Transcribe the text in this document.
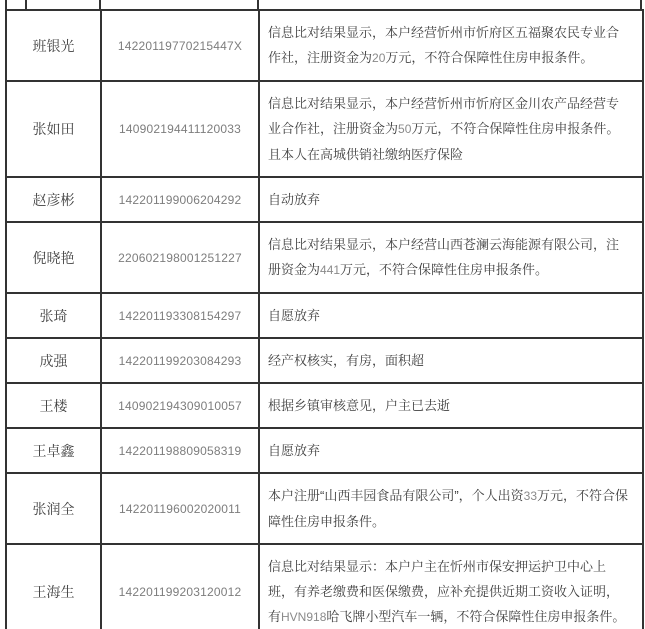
班银光	14220119770215447X	信息比对结果显示，本户经营忻州市忻府区五福聚农民专业合作社，注册资金为20万元，不符合保障性住房申报条件。
张如田	140902194411120033	信息比对结果显示，本户经营忻州市忻府区金川农产品经营专业合作社，注册资金为50万元，不符合保障性住房申报条件。且本人在高城供销社缴纳医疗保险
赵彦彬	142201199006204292	自动放弃
倪晓艳	220602198001251227	信息比对结果显示，本户经营山西苍澜云海能源有限公司，注册资金为441万元，不符合保障性住房申报条件。
张琦	142201193308154297	自愿放弃
成强	142201199203084293	经产权核实，有房，面积超
王楼	140902194309010057	根据乡镇审核意见，户主已去逝
王卓鑫	142201198809058319	自愿放弃
张润全	142201196002020011	本户注册“山西丰园食品有限公司”，个人出资33万元，不符合保障性住房申报条件。
王海生	142201199203120012	信息比对结果显示：本户户主在忻州市保安押运护卫中心上班，有养老缴费和医保缴费，应补充提供近期工资收入证明，有HVN918哈飞牌小型汽车一辆，不符合保障性住房申报条件。
